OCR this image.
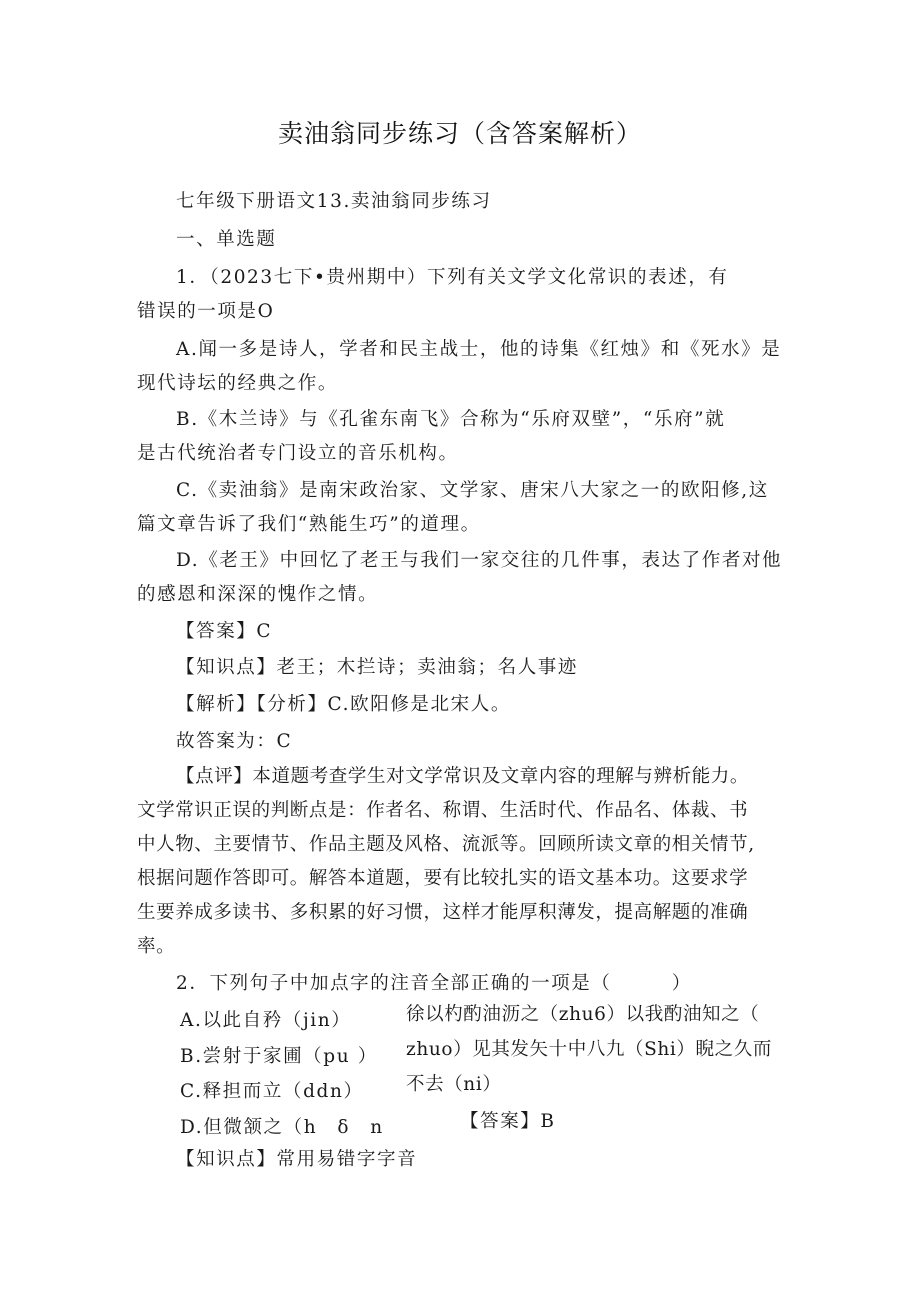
卖油翁同步练习（含答案解析）
七年级下册语文13.卖油翁同步练习
一、单选题
1．（2023七下•贵州期中）下列有关文学文化常识的表述，有
错误的一项是O
A.闻一多是诗人，学者和民主战士，他的诗集《红烛》和《死水》是
现代诗坛的经典之作。
B.《木兰诗》与《孔雀东南飞》合称为“乐府双壁”，“乐府”就
是古代统治者专门设立的音乐机构。
C.《卖油翁》是南宋政治家、文学家、唐宋八大家之一的欧阳修,这
篇文章告诉了我们“熟能生巧”的道理。
D.《老王》中回忆了老王与我们一家交往的几件事，表达了作者对他
的感恩和深深的愧作之情。
【答案】C
【知识点】老王；木拦诗；卖油翁；名人事迹
【解析】【分析】C.欧阳修是北宋人。
故答案为：C
【点评】本道题考查学生对文学常识及文章内容的理解与辨析能力。
文学常识正误的判断点是：作者名、称谓、生活时代、作品名、体裁、书
中人物、主要情节、作品主题及风格、流派等。回顾所读文章的相关情节,
根据问题作答即可。解答本道题，要有比较扎实的语文基本功。这要求学
生要养成多读书、多积累的好习惯，这样才能厚积薄发，提高解题的准确
率。
2．下列句子中加点字的注音全部正确的一项是（　　　）
A.以此自矜（jin）
B.尝射于家圃（pu ）
C.释担而立（ddn）
D.但微颔之（h　δ　n
徐以杓酌油沥之（zhu6）以我酌油知之（
zhuo）见其发矢十中八九（Shi）睨之久而
不去（ni）
【答案】B
【知识点】常用易错字字音
